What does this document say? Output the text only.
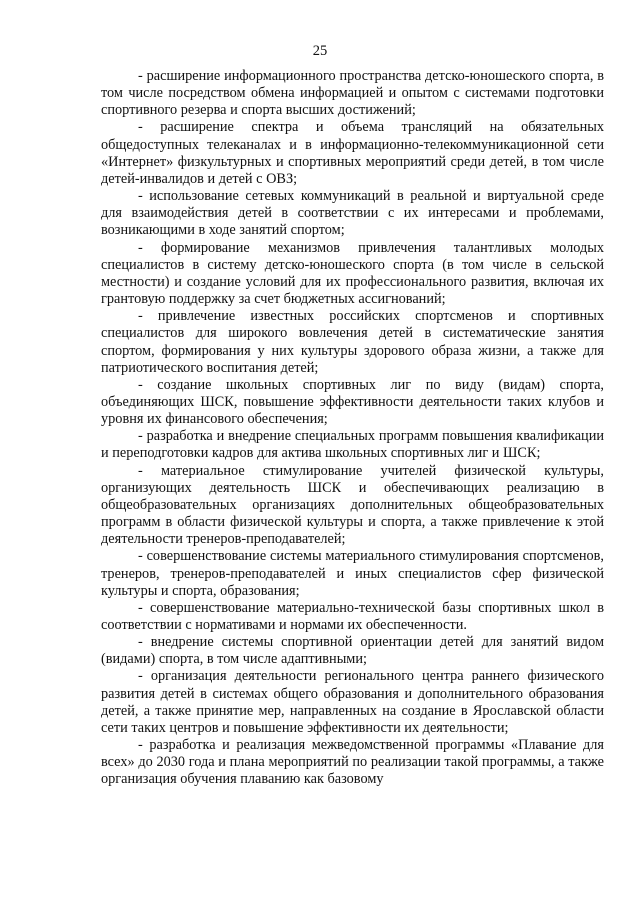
25

- расширение информационного пространства детско-юношеского спорта, в том числе посредством обмена информацией и опытом с системами подготовки спортивного резерва и спорта высших достижений;

- расширение спектра и объема трансляций на обязательных общедоступных телеканалах и в информационно-телекоммуникационной сети «Интернет» физкультурных и спортивных мероприятий среди детей, в том числе детей-инвалидов и детей с ОВЗ;

- использование сетевых коммуникаций в реальной и виртуальной среде для взаимодействия детей в соответствии с их интересами и проблемами, возникающими в ходе занятий спортом;

- формирование механизмов привлечения талантливых молодых специалистов в систему детско-юношеского спорта (в том числе в сельской местности) и создание условий для их профессионального развития, включая их грантовую поддержку за счет бюджетных ассигнований;

- привлечение известных российских спортсменов и спортивных специалистов для широкого вовлечения детей в систематические занятия спортом, формирования у них культуры здорового образа жизни, а также для патриотического воспитания детей;

- создание школьных спортивных лиг по виду (видам) спорта, объединяющих ШСК, повышение эффективности деятельности таких клубов и уровня их финансового обеспечения;

- разработка и внедрение специальных программ повышения квалификации и переподготовки кадров для актива школьных спортивных лиг и ШСК;

- материальное стимулирование учителей физической культуры, организующих деятельность ШСК и обеспечивающих реализацию в общеобразовательных организациях дополнительных общеобразовательных программ в области физической культуры и спорта, а также привлечение к этой деятельности тренеров-преподавателей;

- совершенствование системы материального стимулирования спортсменов, тренеров, тренеров-преподавателей и иных специалистов сфер физической культуры и спорта, образования;

- совершенствование материально-технической базы спортивных школ в соответствии с нормативами и нормами их обеспеченности.

- внедрение системы спортивной ориентации детей для занятий видом (видами) спорта, в том числе адаптивными;

- организация деятельности регионального центра раннего физического развития детей в системах общего образования и дополнительного образования детей, а также принятие мер, направленных на создание в Ярославской области сети таких центров и повышение эффективности их деятельности;

- разработка и реализация межведомственной программы «Плавание для всех» до 2030 года и плана мероприятий по реализации такой программы, а также организация обучения плаванию как базовому
